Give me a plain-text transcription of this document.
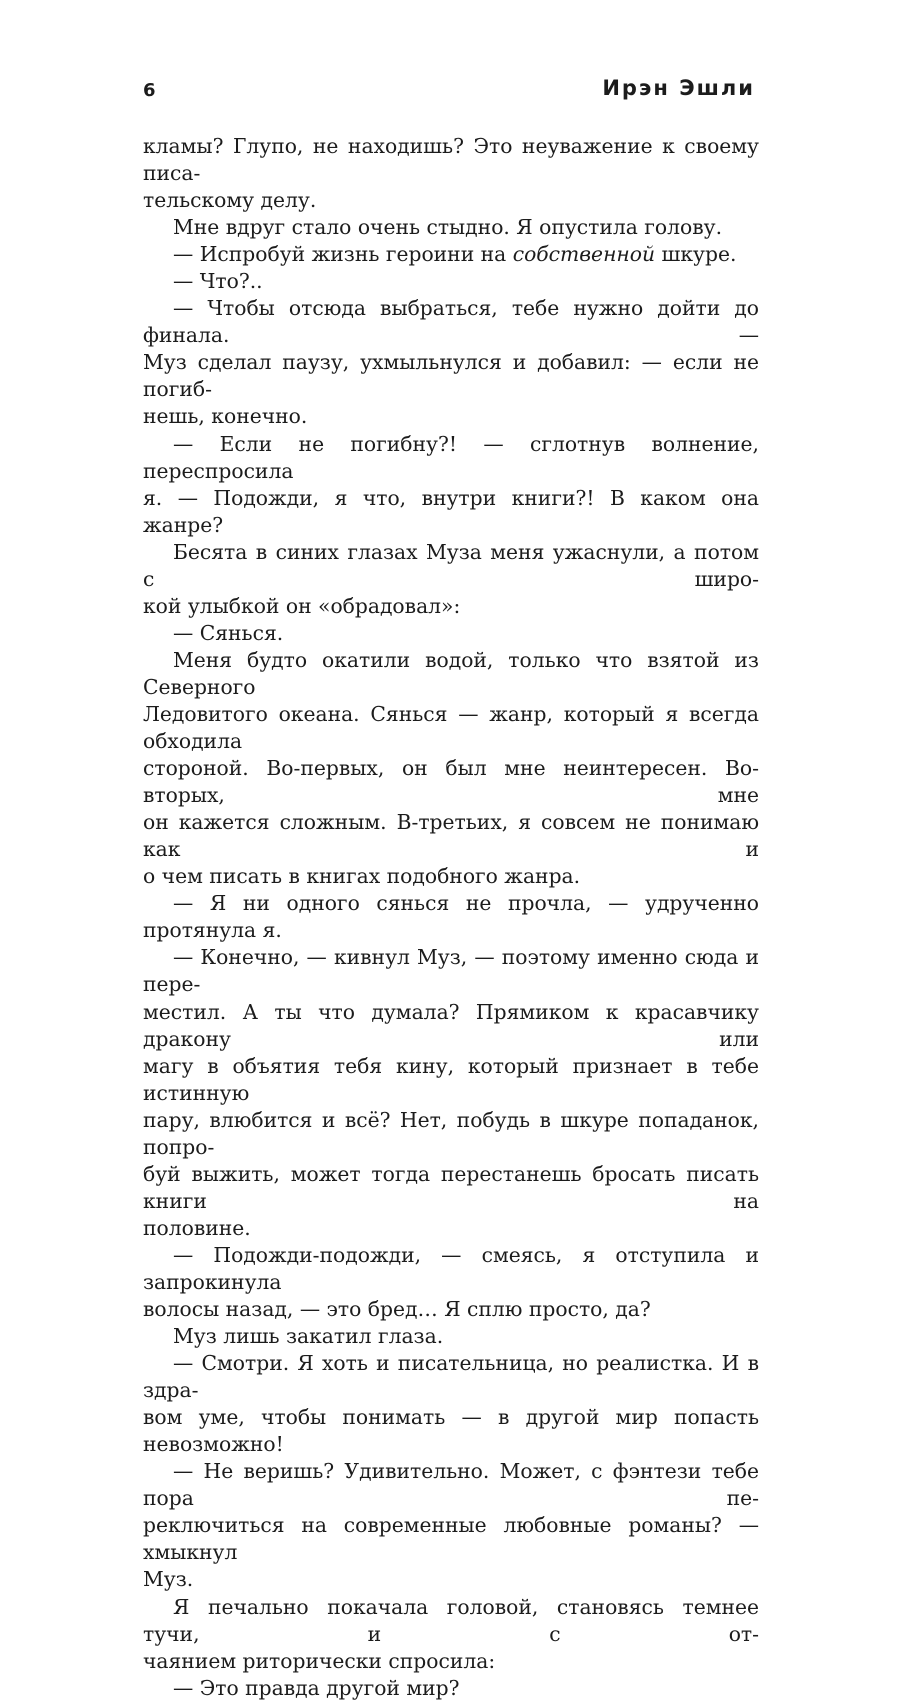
6	Ирэн Эшли

кламы? Глупо, не находишь? Это неуважение к своему писа-

тельскому делу.

Мне вдруг стало очень стыдно. Я опустила голову.

— Испробуй жизнь героини на собственной шкуре.

— Что?..

— Чтобы отсюда выбраться, тебе нужно дойти до финала. —

Муз сделал паузу, ухмыльнулся и добавил: — если не погиб-

нешь, конечно.

— Если не погибну?! — сглотнув волнение, переспросила

я. — Подожди, я что, внутри книги?! В каком она жанре?

Бесята в синих глазах Муза меня ужаснули, а потом с широ-

кой улыбкой он «обрадовал»:

— Сянься.

Меня будто окатили водой, только что взятой из Северного

Ледовитого океана. Сянься — жанр, который я всегда обходила

стороной. Во-первых, он был мне неинтересен. Во-вторых, мне

он кажется сложным. В-третьих, я совсем не понимаю как и

о чем писать в книгах подобного жанра.

— Я ни одного сянься не прочла, — удрученно протянула я.

— Конечно, — кивнул Муз, — поэтому именно сюда и пере-

местил. А ты что думала? Прямиком к красавчику дракону или

магу в объятия тебя кину, который признает в тебе истинную

пару, влюбится и всё? Нет, побудь в шкуре попаданок, попро-

буй выжить, может тогда перестанешь бросать писать книги на

половине.

— Подожди-подожди, — смеясь, я отступила и запрокинула

волосы назад, — это бред… Я сплю просто, да?

Муз лишь закатил глаза.

— Смотри. Я хоть и писательница, но реалистка. И в здра-

вом уме, чтобы понимать — в другой мир попасть невозможно!

— Не веришь? Удивительно. Может, с фэнтези тебе пора пе-

реключиться на современные любовные романы? — хмыкнул

Муз.

Я печально покачала головой, становясь темнее тучи, и с от-

чаянием риторически спросила:

— Это правда другой мир?
